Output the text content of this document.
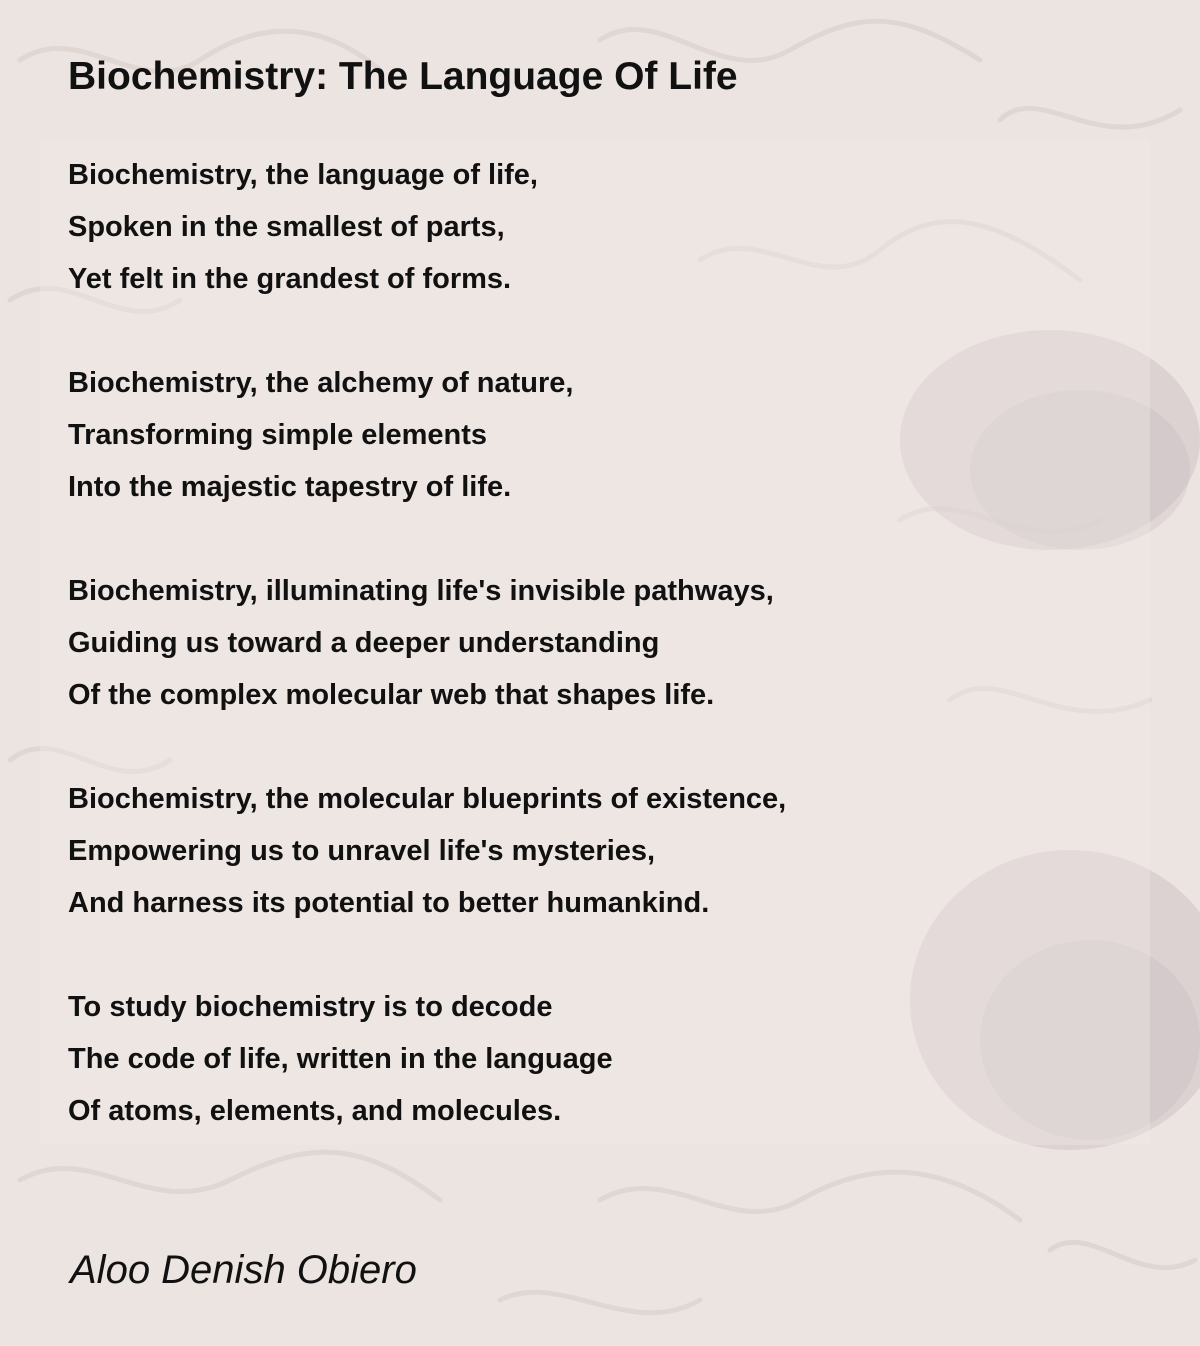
Biochemistry: The Language Of Life
Biochemistry, the language of life,
Spoken in the smallest of parts,
Yet felt in the grandest of forms.
Biochemistry, the alchemy of nature,
Transforming simple elements
Into the majestic tapestry of life.
Biochemistry, illuminating life's invisible pathways,
Guiding us toward a deeper understanding
Of the complex molecular web that shapes life.
Biochemistry, the molecular blueprints of existence,
Empowering us to unravel life's mysteries,
And harness its potential to better humankind.
To study biochemistry is to decode
The code of life, written in the language
Of atoms, elements, and molecules.

Aloo Denish Obiero
